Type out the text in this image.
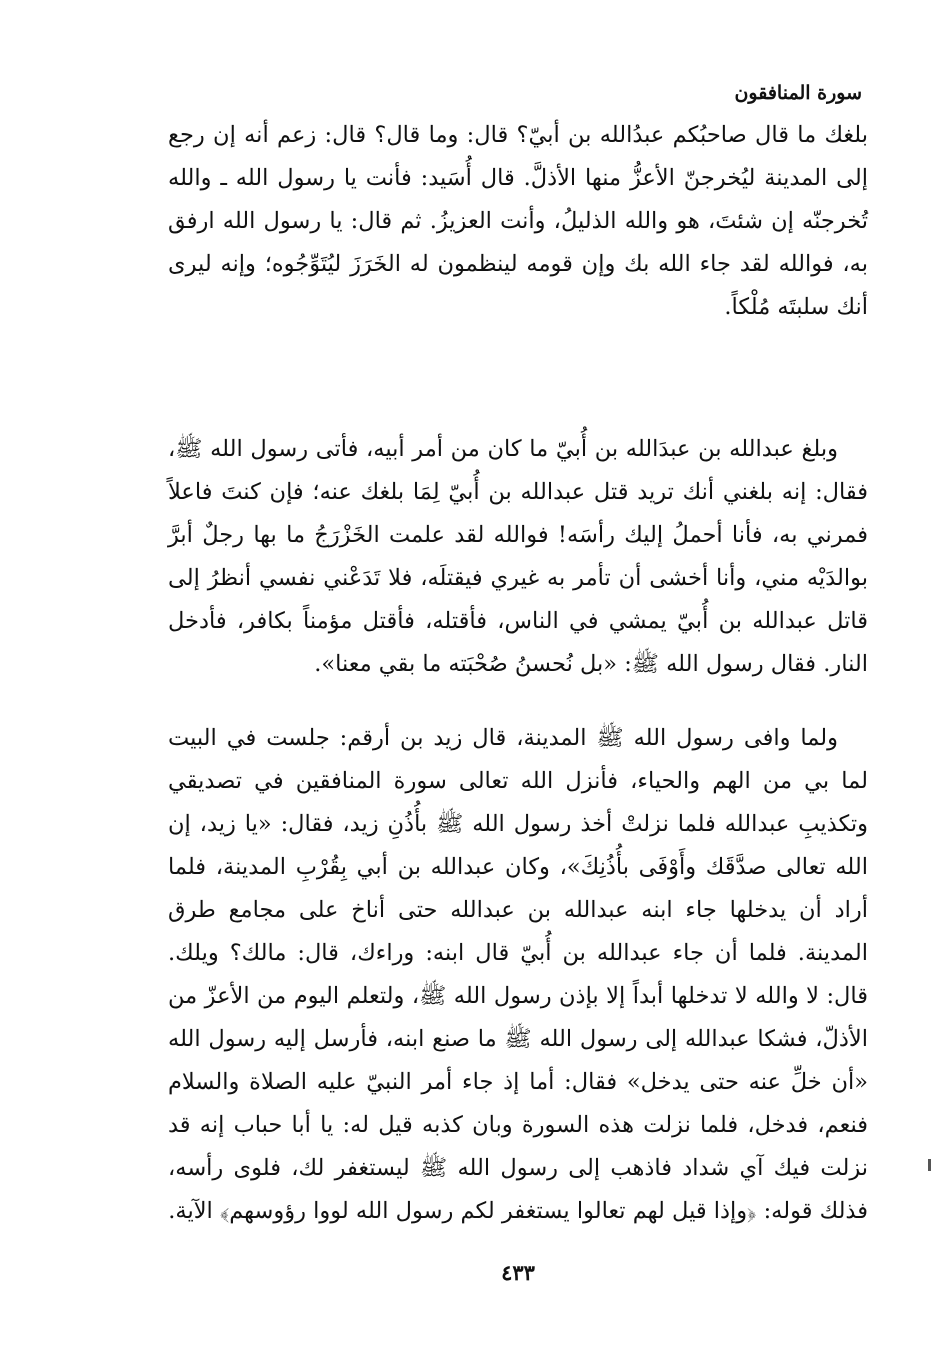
سورة المنافقون

بلغك ما قال صاحبُكم عبدُالله بن أبيّ؟ قال: وما قال؟ قال: زعم أنه إن رجع إلى المدينة ليُخرجنّ الأعزُّ منها الأذلَّ. قال أُسَيد: فأنت يا رسول الله ـ والله تُخرجنّه إن شئتَ، هو والله الذليلُ، وأنت العزيزُ. ثم قال: يا رسول الله ارفق به، فوالله لقد جاء الله بك وإن قومه لينظمون له الخَرَزَ ليُتَوِّجُوه؛ وإنه ليرى أنك سلبتَه مُلْكاً.

وبلغ عبدالله بن عبدَالله بن أُبيّ ما كان من أمر أبيه، فأتى رسول الله ﷺ، فقال: إنه بلغني أنك تريد قتل عبدالله بن أُبيّ لِمَا بلغك عنه؛ فإن كنتَ فاعلاً فمرني به، فأنا أحملُ إليك رأسَه! فوالله لقد علمت الخَزْرَجُ ما بها رجلٌ أبرَّ بوالدَيْه مني، وأنا أخشى أن تأمر به غيري فيقتلَه، فلا تَدَعْني نفسي أنظرُ إلى قاتل عبدالله بن أُبيّ يمشي في الناس، فأقتله، فأقتل مؤمناً بكافر، فأدخل النار. فقال رسول الله ﷺ: «بل نُحسنُ صُحْبَته ما بقي معنا».

ولما وافى رسول الله ﷺ المدينة، قال زيد بن أرقم: جلست في البيت لما بي من الهم والحياء، فأنزل الله تعالى سورة المنافقين في تصديقي وتكذيبِ عبدالله فلما نزلتْ أخذ رسول الله ﷺ بأُذُنِ زيد، فقال: «يا زيد، إن الله تعالى صدَّقَك وأَوْفَى بأُذُنِكَ»، وكان عبدالله بن أبي بِقُرْبِ المدينة، فلما أراد أن يدخلها جاء ابنه عبدالله بن عبدالله حتى أناخ على مجامع طرق المدينة. فلما أن جاء عبدالله بن أُبيّ قال ابنه: وراءك، قال: مالك؟ ويلك. قال: لا والله لا تدخلها أبداً إلا بإذن رسول الله ﷺ، ولتعلم اليوم من الأعزّ من الأذلّ، فشكا عبدالله إلى رسول الله ﷺ ما صنع ابنه، فأرسل إليه رسول الله «أن خلِّ عنه حتى يدخل» فقال: أما إذ جاء أمر النبيّ عليه الصلاة والسلام فنعم، فدخل، فلما نزلت هذه السورة وبان كذبه قيل له: يا أبا حباب إنه قد نزلت فيك آي شداد فاذهب إلى رسول الله ﷺ ليستغفر لك، فلوى رأسه، فذلك قوله: ﴿وإذا قيل لهم تعالوا يستغفر لكم رسول الله لووا رؤوسهم﴾ الآية.

٤٣٣
